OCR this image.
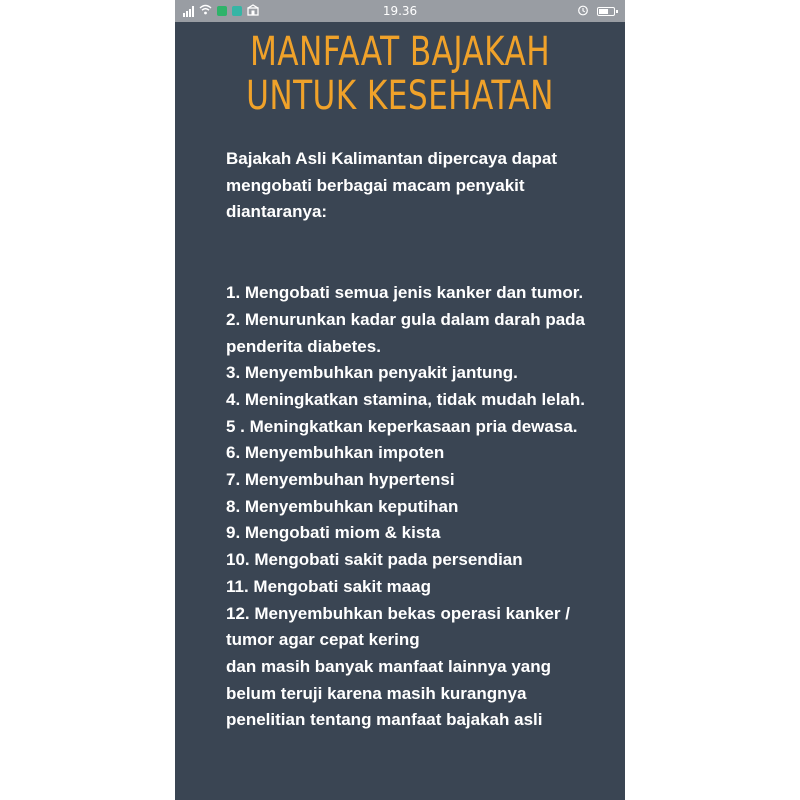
19.36
MANFAAT BAJAKAH
UNTUK KESEHATAN

Bajakah Asli Kalimantan dipercaya dapat mengobati berbagai macam penyakit diantaranya:

1. Mengobati semua jenis kanker dan tumor.

2. Menurunkan kadar gula dalam darah pada penderita diabetes.

3. Menyembuhkan penyakit jantung.

4. Meningkatkan stamina, tidak mudah lelah.

5 . Meningkatkan keperkasaan pria dewasa.

6. Menyembuhkan impoten

7. Menyembuhan hypertensi

8. Menyembuhkan keputihan

9. Mengobati miom & kista

10. Mengobati sakit pada persendian

11. Mengobati sakit maag

12. Menyembuhkan bekas operasi kanker / tumor agar cepat kering

dan masih banyak manfaat lainnya yang belum teruji karena masih kurangnya penelitian tentang manfaat bajakah asli
